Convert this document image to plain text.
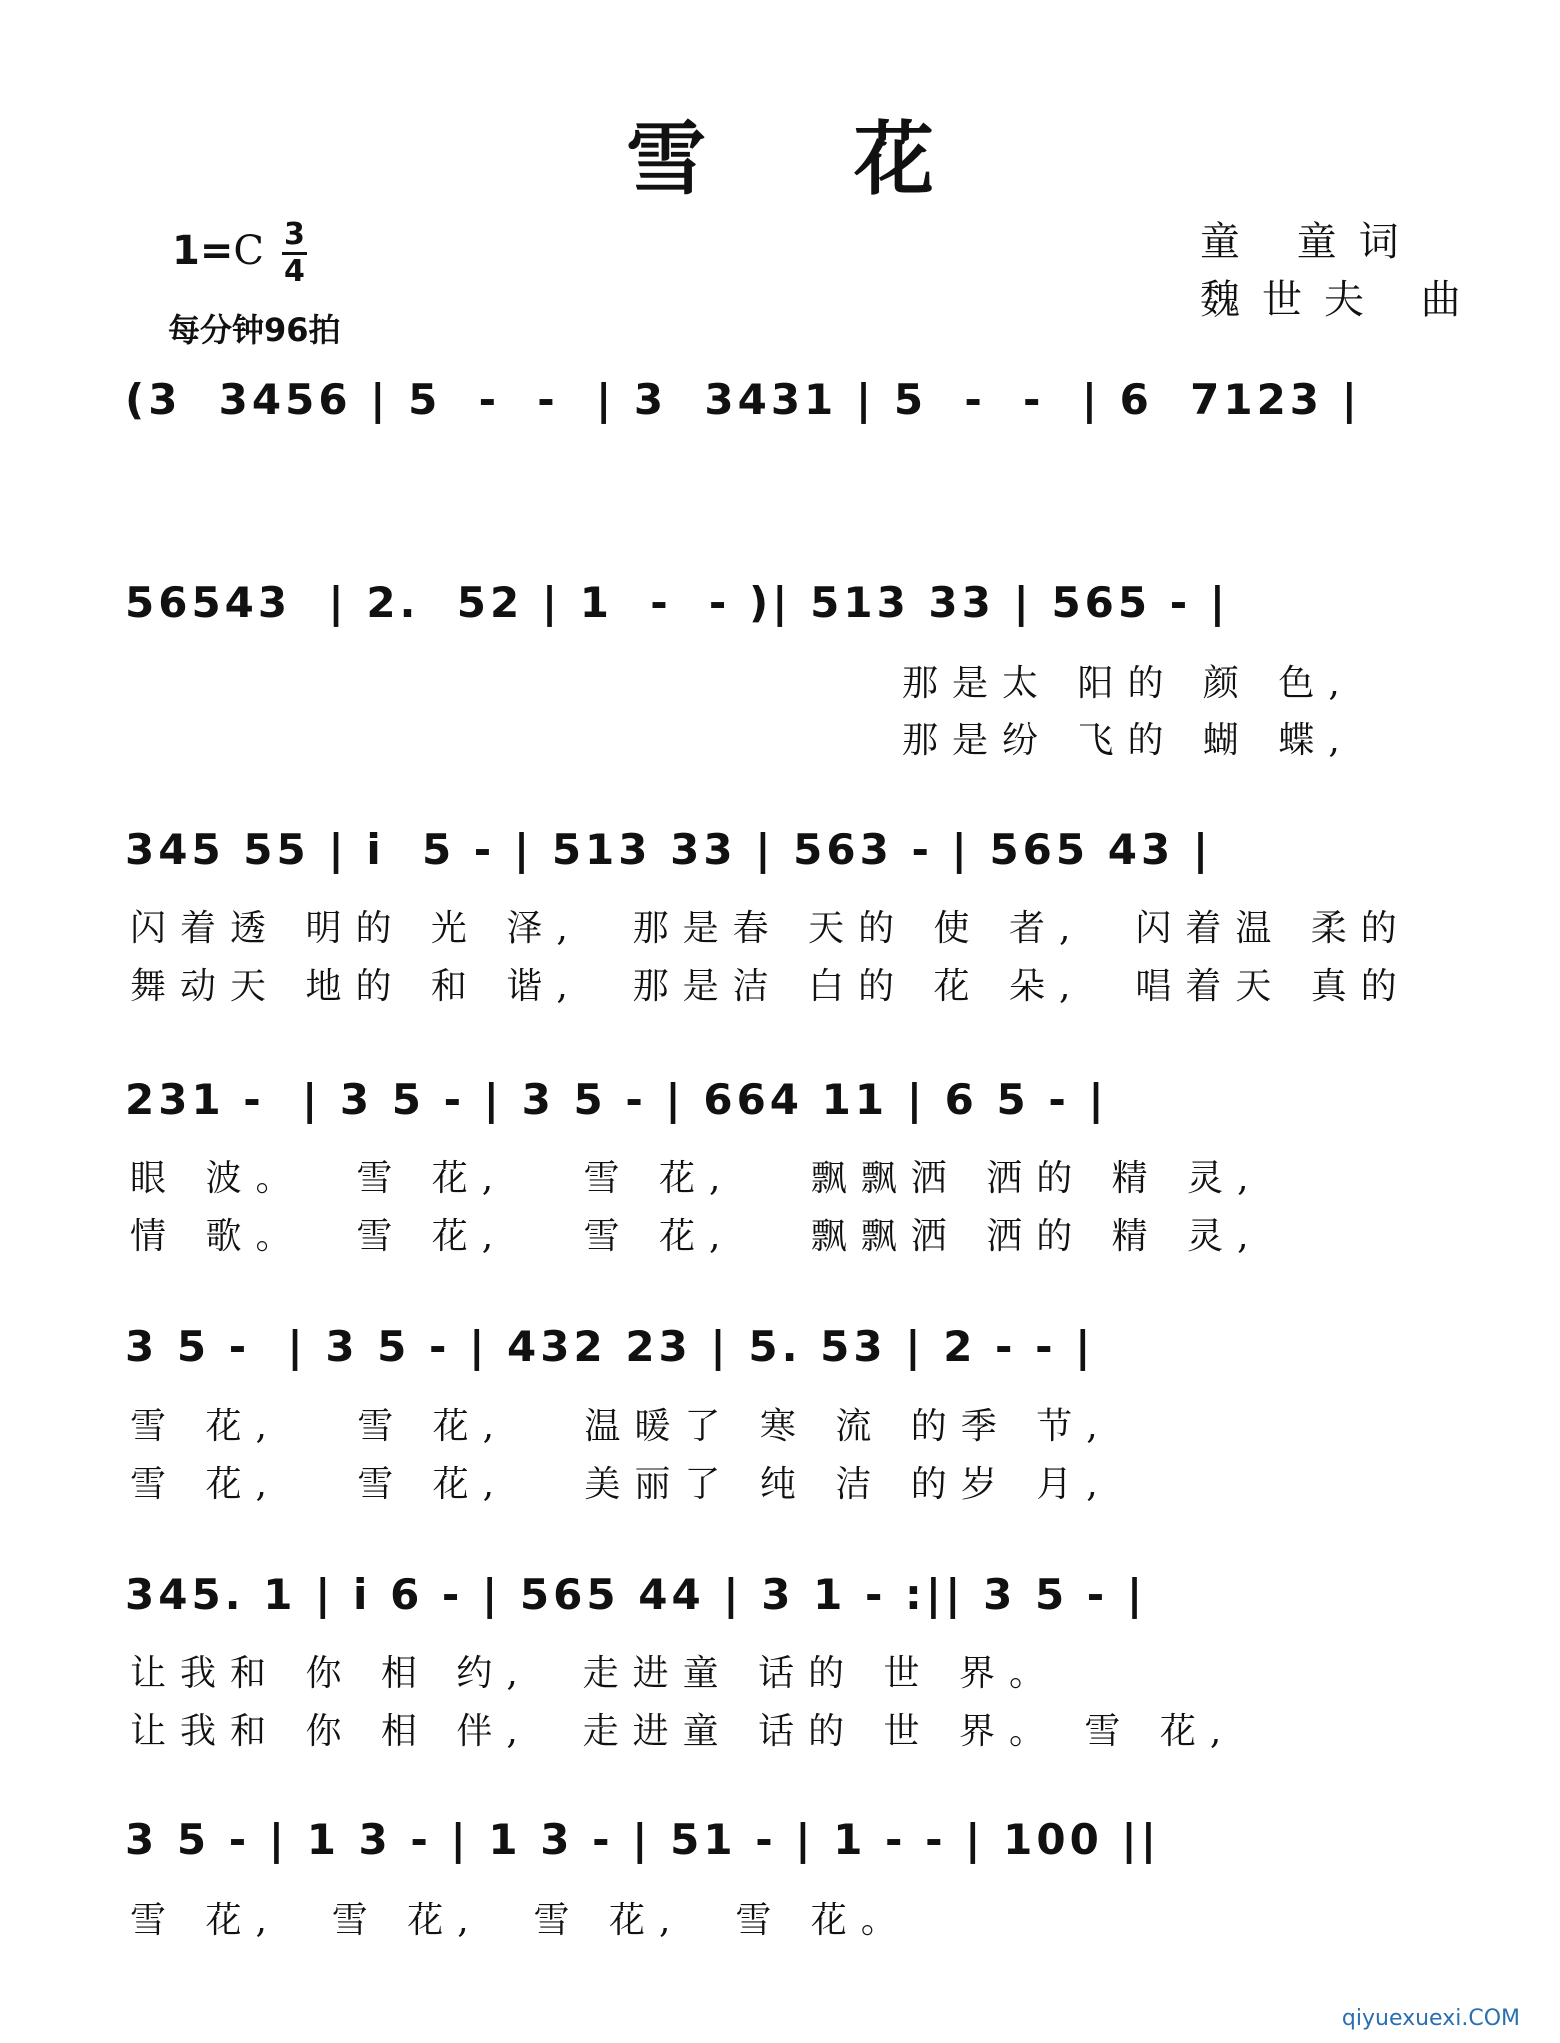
雪 花
$1=C \frac{3}{4}$
每分钟96拍
童 童词
魏世夫 曲
(3  3456 | 5  -  -  | 3  3431 | 5  -  -  | 6  7123 |
56543  | 2.  52 | 1  -  - )| 513 33 | 565 - |
那是太 阳的 颜 色,
那是纷 飞的 蝴 蝶,
345 55 | i  5 - | 513 33 | 563 - | 565 43 |
闪着透 明的 光 泽,  那是春 天的 使 者,  闪着温 柔的
舞动天 地的 和 谐,  那是洁 白的 花 朵,  唱着天 真的
231 -  | 3 5 - | 3 5 - | 664 11 | 6 5 - |
眼 波。  雪 花,   雪 花,   飘飘洒 洒的 精 灵,
情 歌。  雪 花,   雪 花,   飘飘洒 洒的 精 灵,
3 5 -  | 3 5 - | 432 23 | 5. 53 | 2 - - |
雪 花,   雪 花,   温暖了 寒 流 的季 节,
雪 花,   雪 花,   美丽了 纯 洁 的岁 月,
345. 1 | i 6 - | 565 44 | 3 1 - :|| 3 5 - |
让我和 你 相 约,  走进童 话的 世 界。
让我和 你 相 伴,  走进童 话的 世 界。 雪 花,
3 5 - | 1 3 - | 1 3 - | 51 - | 1 - - | 100 ||
雪 花,  雪 花,  雪 花,  雪 花。
qiyuexuexi.COM
